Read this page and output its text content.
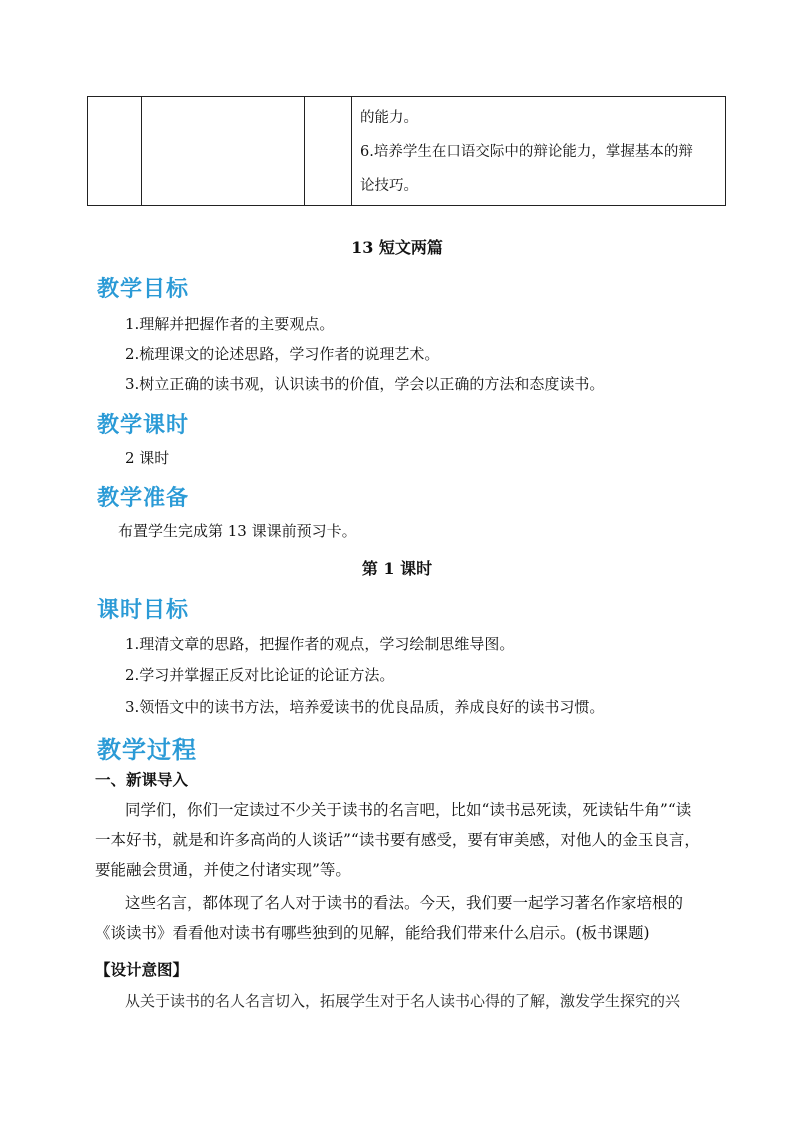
的能力。
6.培养学生在口语交际中的辩论能力，掌握基本的辩
论技巧。
13 短文两篇
教学目标
1.理解并把握作者的主要观点。
2.梳理课文的论述思路，学习作者的说理艺术。
3.树立正确的读书观，认识读书的价值，学会以正确的方法和态度读书。
教学课时
2 课时
教学准备
布置学生完成第 13 课课前预习卡。
第 1 课时
课时目标
1.理清文章的思路，把握作者的观点，学习绘制思维导图。
2.学习并掌握正反对比论证的论证方法。
3.领悟文中的读书方法，培养爱读书的优良品质，养成良好的读书习惯。
教学过程
一、新课导入
同学们，你们一定读过不少关于读书的名言吧，比如“读书忌死读，死读钻牛角”“读
一本好书，就是和许多高尚的人谈话”“读书要有感受，要有审美感，对他人的金玉良言，
要能融会贯通，并使之付诸实现”等。
这些名言，都体现了名人对于读书的看法。今天，我们要一起学习著名作家培根的
《谈读书》看看他对读书有哪些独到的见解，能给我们带来什么启示。(板书课题)
【设计意图】
从关于读书的名人名言切入，拓展学生对于名人读书心得的了解，激发学生探究的兴
